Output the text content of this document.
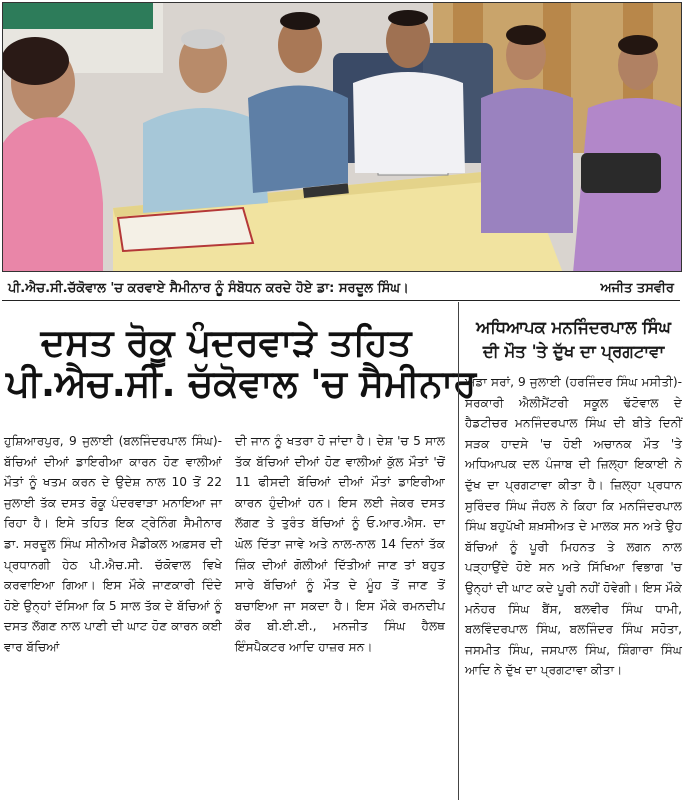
ਪੀ.ਐਚ.ਸੀ.ਚੱਕੋਵਾਲ 'ਚ ਕਰਵਾਏ ਸੈਮੀਨਾਰ ਨੂੰ ਸੰਬੋਧਨ ਕਰਦੇ ਹੋਏ ਡਾ: ਸਰਦੂਲ ਸਿੰਘ।	ਅਜੀਤ ਤਸਵੀਰ
ਦਸਤ ਰੋਕੂ ਪੰਦਰਵਾੜੇ ਤਹਿਤ
ਪੀ.ਐਚ.ਸੀ. ਚੱਕੋਵਾਲ 'ਚ ਸੈਮੀਨਾਰ

ਹੁਸ਼ਿਆਰਪੁਰ, 9 ਜੁਲਾਈ (ਬਲਜਿੰਦਰਪਾਲ ਸਿੰਘ)-ਬੱਚਿਆਂ ਦੀਆਂ ਡਾਇਰੀਆ ਕਾਰਨ ਹੋਣ ਵਾਲੀਆਂ ਮੌਤਾਂ ਨੂੰ ਖਤਮ ਕਰਨ ਦੇ ਉਦੇਸ਼ ਨਾਲ 10 ਤੋਂ 22 ਜੁਲਾਈ ਤੱਕ ਦਸਤ ਰੋਕੂ ਪੰਦਰਵਾੜਾ ਮਨਾਇਆ ਜਾ ਰਿਹਾ ਹੈ। ਇਸੇ ਤਹਿਤ ਇਕ ਟ੍ਰੇਨਿੰਗ ਸੈਮੀਨਾਰ ਡਾ. ਸਰਦੂਲ ਸਿੰਘ ਸੀਨੀਅਰ ਮੈਡੀਕਲ ਅਫ਼ਸਰ ਦੀ ਪ੍ਰਧਾਨਗੀ ਹੇਠ ਪੀ.ਐਚ.ਸੀ. ਚੱਕੋਵਾਲ ਵਿਖੇ ਕਰਵਾਇਆ ਗਿਆ। ਇਸ ਮੌਕੇ ਜਾਣਕਾਰੀ ਦਿੰਦੇ ਹੋਏ ਉਨ੍ਹਾਂ ਦੱਸਿਆ ਕਿ 5 ਸਾਲ ਤੱਕ ਦੇ ਬੱਚਿਆਂ ਨੂੰ ਦਸਤ ਲੱਗਣ ਨਾਲ ਪਾਣੀ ਦੀ ਘਾਟ ਹੋਣ ਕਾਰਨ ਕਈ ਵਾਰ ਬੱਚਿਆਂ

ਦੀ ਜਾਨ ਨੂੰ ਖਤਰਾ ਹੋ ਜਾਂਦਾ ਹੈ। ਦੇਸ਼ 'ਚ 5 ਸਾਲ ਤੱਕ ਬੱਚਿਆਂ ਦੀਆਂ ਹੋਣ ਵਾਲੀਆਂ ਕੁੱਲ ਮੌਤਾਂ 'ਚੋਂ 11 ਫੀਸਦੀ ਬੱਚਿਆਂ ਦੀਆਂ ਮੌਤਾਂ ਡਾਇਰੀਆ ਕਾਰਨ ਹੁੰਦੀਆਂ ਹਨ। ਇਸ ਲਈ ਜੇਕਰ ਦਸਤ ਲੱਗਣ ਤੇ ਤੁਰੰਤ ਬੱਚਿਆਂ ਨੂੰ ਓ.ਆਰ.ਐਸ. ਦਾ ਘੋਲ ਦਿੱਤਾ ਜਾਵੇ ਅਤੇ ਨਾਲ-ਨਾਲ 14 ਦਿਨਾਂ ਤੱਕ ਜ਼ਿੰਕ ਦੀਆਂ ਗੋਲੀਆਂ ਦਿੱਤੀਆਂ ਜਾਣ ਤਾਂ ਬਹੁਤ ਸਾਰੇ ਬੱਚਿਆਂ ਨੂੰ ਮੌਤ ਦੇ ਮੂੰਹ ਤੋਂ ਜਾਣ ਤੋਂ ਬਚਾਇਆ ਜਾ ਸਕਦਾ ਹੈ। ਇਸ ਮੌਕੇ ਰਮਨਦੀਪ ਕੌਰ ਬੀ.ਈ.ਈ., ਮਨਜੀਤ ਸਿੰਘ ਹੈਲਥ ਇੰਸਪੈਕਟਰ ਆਦਿ ਹਾਜ਼ਰ ਸਨ।

ਅਧਿਆਪਕ ਮਨਜਿੰਦਰਪਾਲ ਸਿੰਘ
ਦੀ ਮੌਤ 'ਤੇ ਦੁੱਖ ਦਾ ਪ੍ਰਗਟਾਵਾ

ਅੱਡਾ ਸਰਾਂ, 9 ਜੁਲਾਈ (ਹਰਜਿੰਦਰ ਸਿੰਘ ਮਸੀਤੀ)-ਸਰਕਾਰੀ ਐਲੀਮੈਂਟਰੀ ਸਕੂਲ ਢੱਟੋਵਾਲ ਦੇ ਹੈਡਟੀਚਰ ਮਨਜਿੰਦਰਪਾਲ ਸਿੰਘ ਦੀ ਬੀਤੇ ਦਿਨੀਂ ਸੜਕ ਹਾਦਸੇ 'ਚ ਹੋਈ ਅਚਾਨਕ ਮੌਤ 'ਤੇ ਅਧਿਆਪਕ ਦਲ ਪੰਜਾਬ ਦੀ ਜ਼ਿਲ੍ਹਾ ਇਕਾਈ ਨੇ ਦੁੱਖ ਦਾ ਪ੍ਰਗਟਾਵਾ ਕੀਤਾ ਹੈ। ਜ਼ਿਲ੍ਹਾ ਪ੍ਰਧਾਨ ਸੁਰਿੰਦਰ ਸਿੰਘ ਜੌਹਲ ਨੇ ਕਿਹਾ ਕਿ ਮਨਜਿੰਦਰਪਾਲ ਸਿੰਘ ਬਹੁਪੱਖੀ ਸ਼ਖ਼ਸੀਅਤ ਦੇ ਮਾਲਕ ਸਨ ਅਤੇ ਉਹ ਬੱਚਿਆਂ ਨੂੰ ਪੂਰੀ ਮਿਹਨਤ ਤੇ ਲਗਨ ਨਾਲ ਪੜ੍ਹਾਉਂਦੇ ਹੋਏ ਸਨ ਅਤੇ ਸਿੱਖਿਆ ਵਿਭਾਗ 'ਚ ਉਨ੍ਹਾਂ ਦੀ ਘਾਟ ਕਦੇ ਪੂਰੀ ਨਹੀਂ ਹੋਵੇਗੀ। ਇਸ ਮੌਕੇ ਮਨੋਹਰ ਸਿੰਘ ਬੈਂਸ, ਬਲਵੀਰ ਸਿੰਘ ਧਾਮੀ, ਬਲਵਿੰਦਰਪਾਲ ਸਿੰਘ, ਬਲਜਿੰਦਰ ਸਿੰਘ ਸਹੋਤਾ, ਜਸਮੀਤ ਸਿੰਘ, ਜਸਪਾਲ ਸਿੰਘ, ਸ਼ਿੰਗਾਰਾ ਸਿੰਘ ਆਦਿ ਨੇ ਦੁੱਖ ਦਾ ਪ੍ਰਗਟਾਵਾ ਕੀਤਾ।
